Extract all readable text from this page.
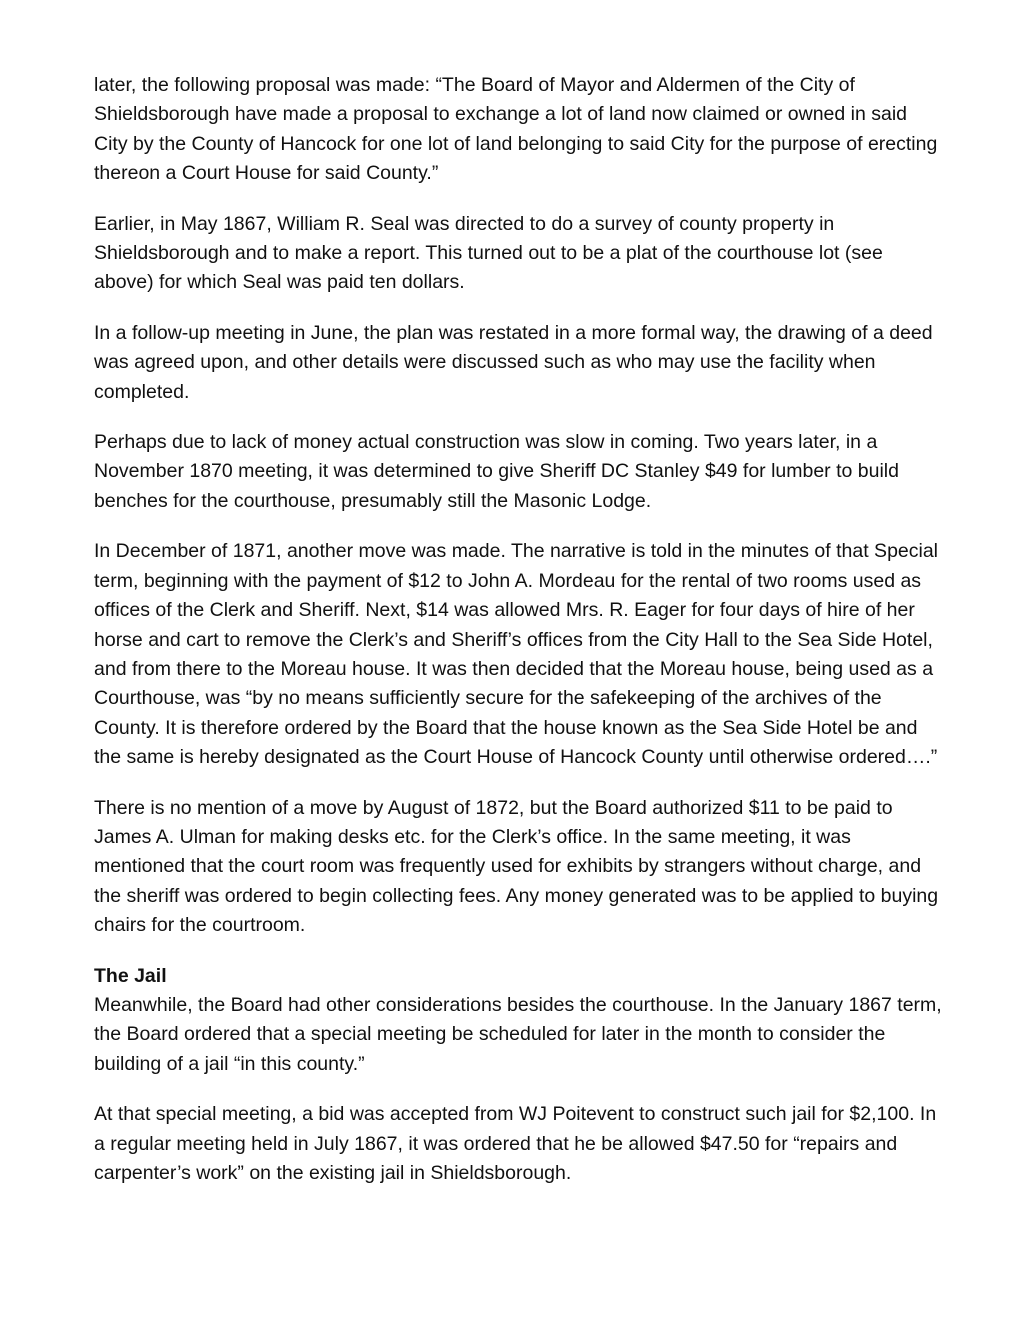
later, the following proposal was made: “The Board of Mayor and Aldermen of the City of Shieldsborough have made a proposal to exchange a lot of land now claimed or owned in said City by the County of Hancock for one lot of land belonging to said City for the purpose of erecting thereon a Court House for said County.”

Earlier, in May 1867, William R. Seal was directed to do a survey of county property in Shieldsborough and to make a report. This turned out to be a plat of the courthouse lot (see above) for which Seal was paid ten dollars.

In a follow-up meeting in June, the plan was restated in a more formal way, the drawing of a deed was agreed upon, and other details were discussed such as who may use the facility when completed.

Perhaps due to lack of money actual construction was slow in coming. Two years later, in a November 1870 meeting, it was determined to give Sheriff DC Stanley $49 for lumber to build benches for the courthouse, presumably still the Masonic Lodge.

In December of 1871, another move was made. The narrative is told in the minutes of that Special term, beginning with the payment of $12 to John A. Mordeau for the rental of two rooms used as offices of the Clerk and Sheriff. Next, $14 was allowed Mrs. R. Eager for four days of hire of her horse and cart to remove the Clerk’s and Sheriff’s offices from the City Hall to the Sea Side Hotel, and from there to the Moreau house. It was then decided that the Moreau house, being used as a Courthouse, was “by no means sufficiently secure for the safekeeping of the archives of the County. It is therefore ordered by the Board that the house known as the Sea Side Hotel be and the same is hereby designated as the Court House of Hancock County until otherwise ordered….”

There is no mention of a move by August of 1872, but the Board authorized $11 to be paid to James A. Ulman for making desks etc. for the Clerk’s office. In the same meeting, it was mentioned that the court room was frequently used for exhibits by strangers without charge, and the sheriff was ordered to begin collecting fees. Any money generated was to be applied to buying chairs for the courtroom.

The Jail

Meanwhile, the Board had other considerations besides the courthouse. In the January 1867 term, the Board ordered that a special meeting be scheduled for later in the month to consider the building of a jail “in this county.”

At that special meeting, a bid was accepted from WJ Poitevent to construct such jail for $2,100. In a regular meeting held in July 1867, it was ordered that he be allowed $47.50 for “repairs and carpenter’s work” on the existing jail in Shieldsborough.
